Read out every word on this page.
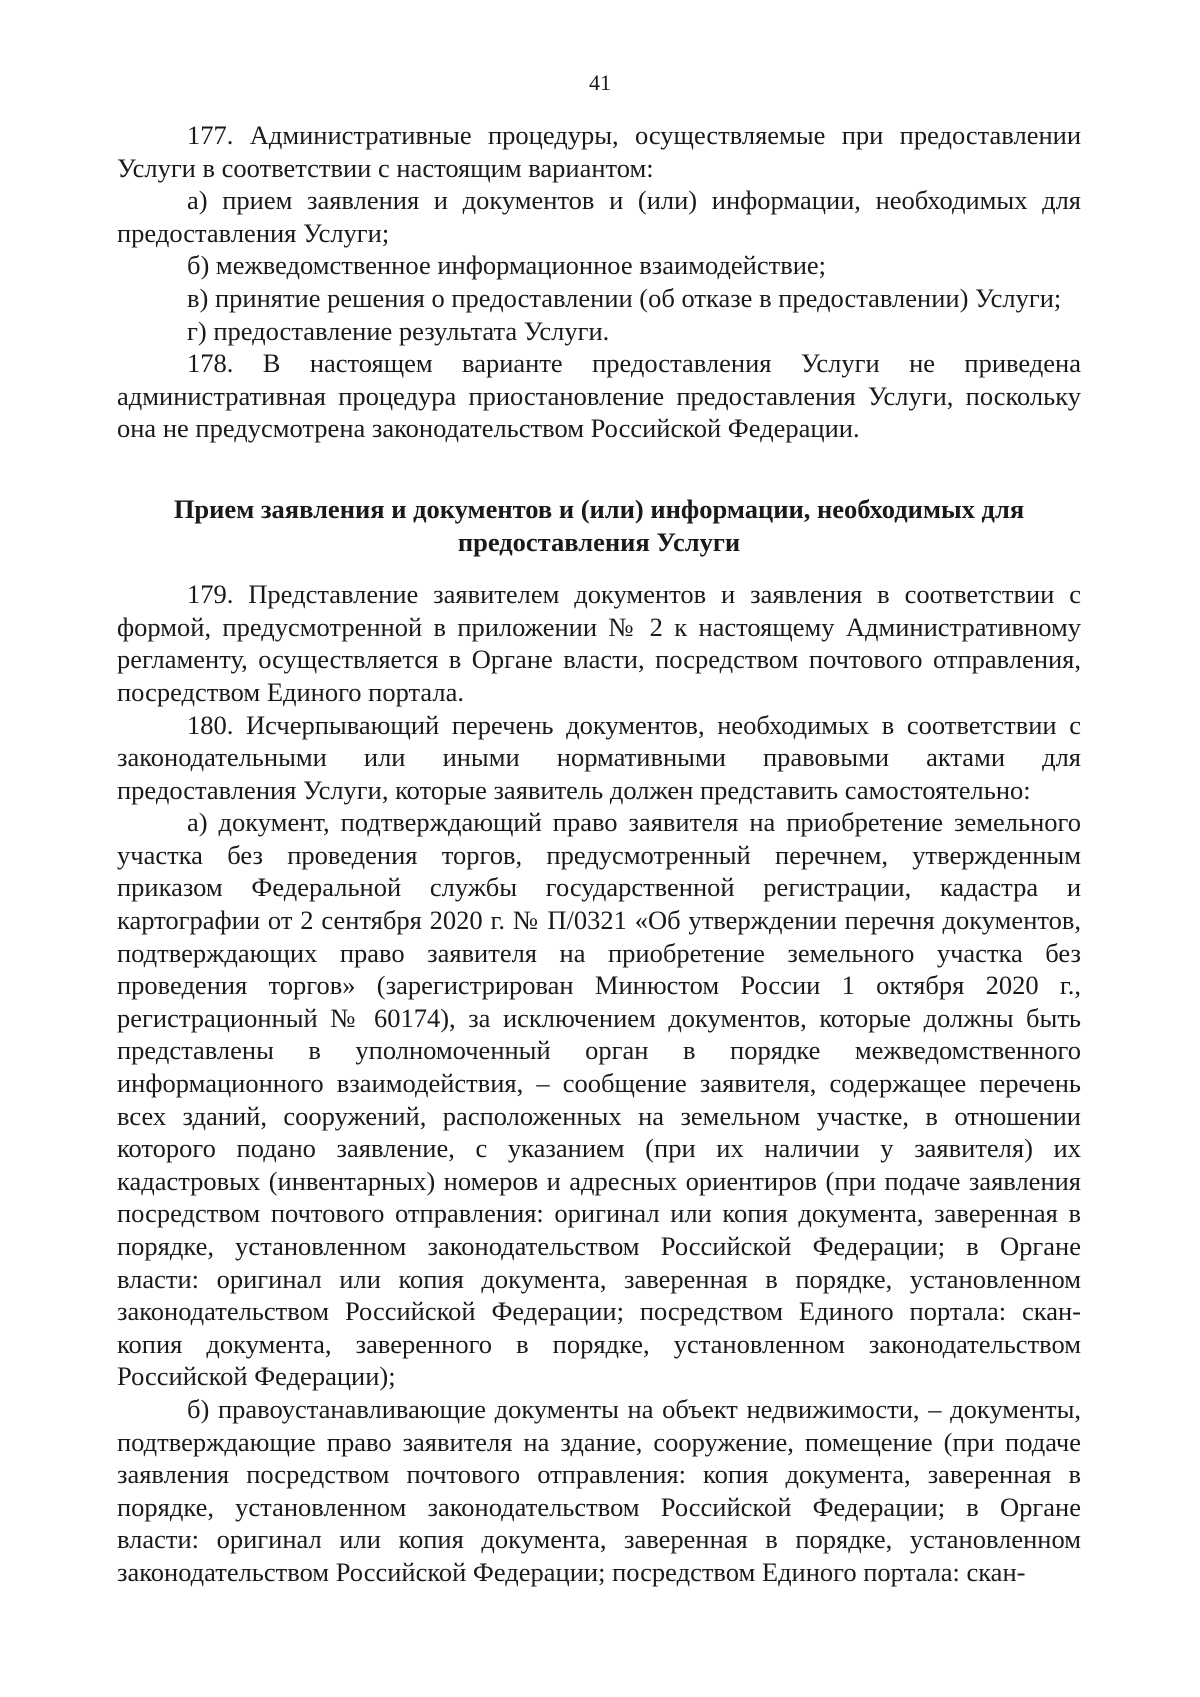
41

177. Административные процедуры, осуществляемые при предоставлении Услуги в соответствии с настоящим вариантом:

а) прием заявления и документов и (или) информации, необходимых для предоставления Услуги;

б) межведомственное информационное взаимодействие;

в) принятие решения о предоставлении (об отказе в предоставлении) Услуги;

г) предоставление результата Услуги.

178. В настоящем варианте предоставления Услуги не приведена административная процедура приостановление предоставления Услуги, поскольку она не предусмотрена законодательством Российской Федерации.

Прием заявления и документов и (или) информации, необходимых для предоставления Услуги

179. Представление заявителем документов и заявления в соответствии с формой, предусмотренной в приложении № 2 к настоящему Административному регламенту, осуществляется в Органе власти, посредством почтового отправления, посредством Единого портала.

180. Исчерпывающий перечень документов, необходимых в соответствии с законодательными или иными нормативными правовыми актами для предоставления Услуги, которые заявитель должен представить самостоятельно:

а) документ, подтверждающий право заявителя на приобретение земельного участка без проведения торгов, предусмотренный перечнем, утвержденным приказом Федеральной службы государственной регистрации, кадастра и картографии от 2 сентября 2020 г. № П/0321 «Об утверждении перечня документов, подтверждающих право заявителя на приобретение земельного участка без проведения торгов» (зарегистрирован Минюстом России 1 октября 2020 г., регистрационный № 60174), за исключением документов, которые должны быть представлены в уполномоченный орган в порядке межведомственного информационного взаимодействия, – сообщение заявителя, содержащее перечень всех зданий, сооружений, расположенных на земельном участке, в отношении которого подано заявление, с указанием (при их наличии у заявителя) их кадастровых (инвентарных) номеров и адресных ориентиров (при подаче заявления посредством почтового отправления: оригинал или копия документа, заверенная в порядке, установленном законодательством Российской Федерации; в Органе власти: оригинал или копия документа, заверенная в порядке, установленном законодательством Российской Федерации; посредством Единого портала: скан-копия документа, заверенного в порядке, установленном законодательством Российской Федерации);

б) правоустанавливающие документы на объект недвижимости, – документы, подтверждающие право заявителя на здание, сооружение, помещение (при подаче заявления посредством почтового отправления: копия документа, заверенная в порядке, установленном законодательством Российской Федерации; в Органе власти: оригинал или копия документа, заверенная в порядке, установленном законодательством Российской Федерации; посредством Единого портала: скан-
